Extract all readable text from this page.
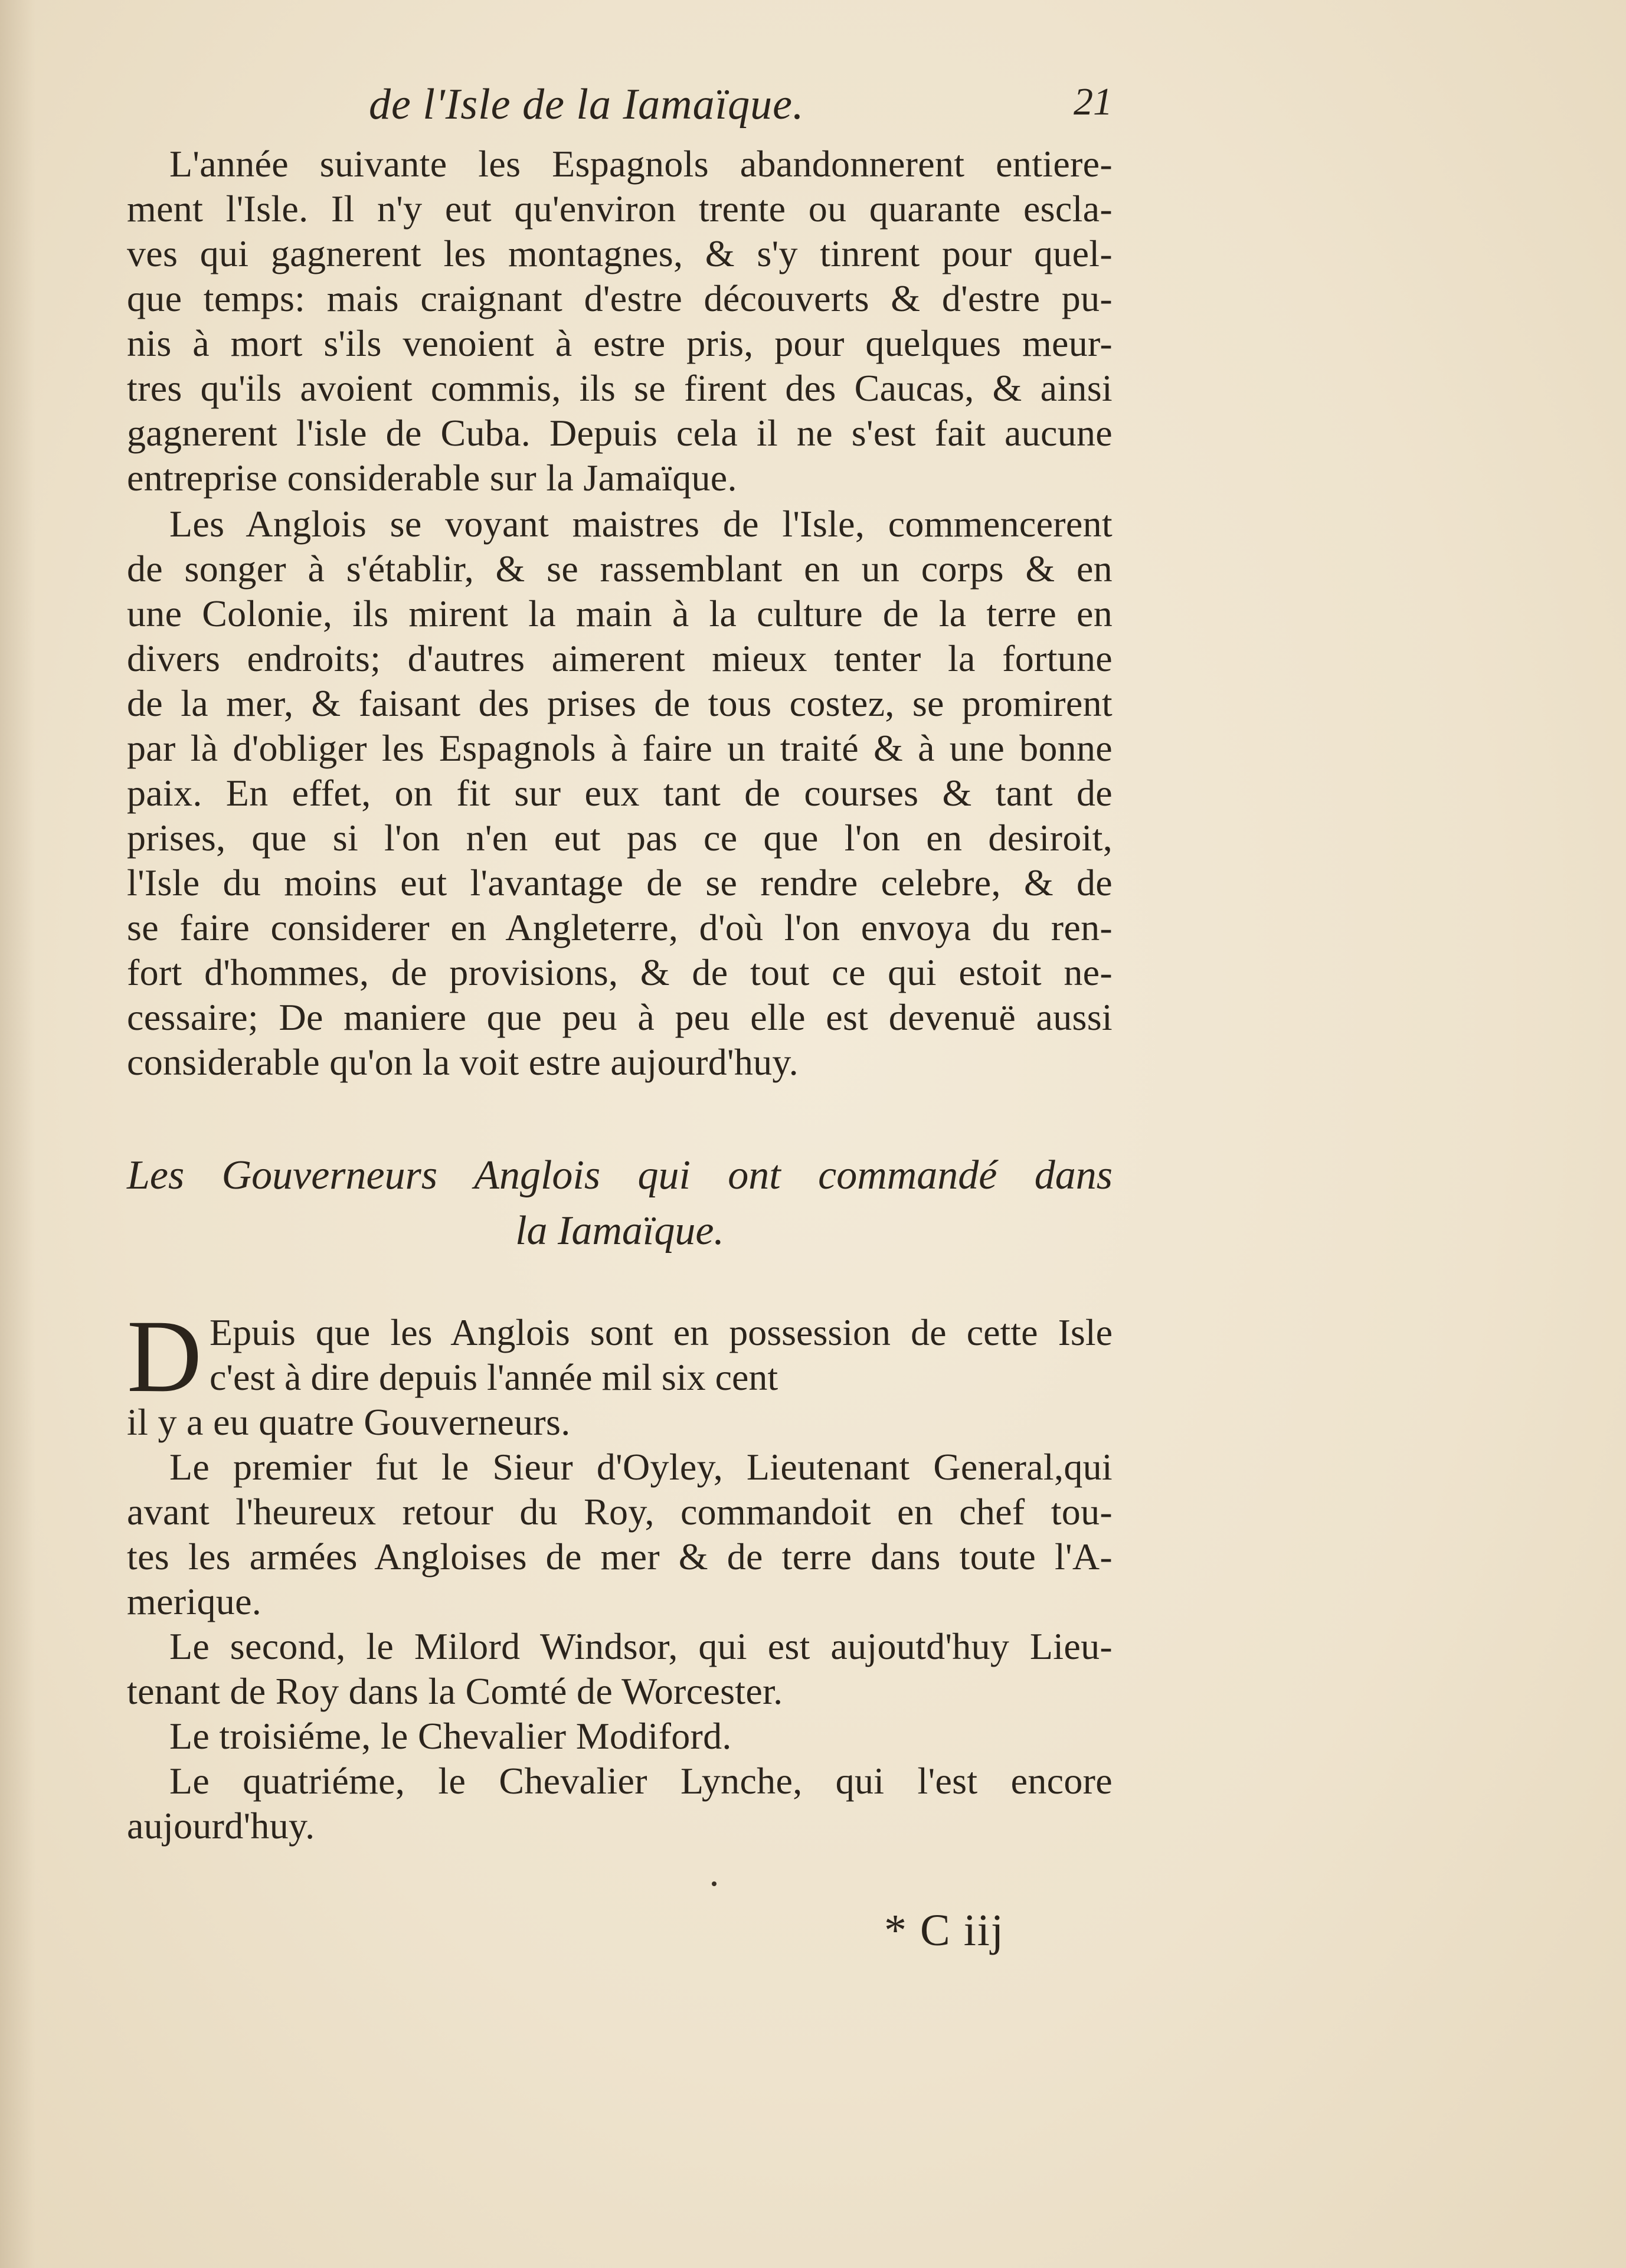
de l'Isle de la Iamaïque.	21
L'année suivante les Espagnols abandonnerent entiere-
ment l'Isle. Il n'y eut qu'environ trente ou quarante escla-
ves qui gagnerent les montagnes, & s'y tinrent pour quel-
que temps: mais craignant d'estre découverts & d'estre pu-
nis à mort s'ils venoient à estre pris, pour quelques meur-
tres qu'ils avoient commis, ils se firent des Caucas, & ainsi
gagnerent l'isle de Cuba. Depuis cela il ne s'est fait aucune
entreprise considerable sur la Jamaïque.
Les Anglois se voyant maistres de l'Isle, commencerent
de songer à s'établir, & se rassemblant en un corps & en
une Colonie, ils mirent la main à la culture de la terre en
divers endroits; d'autres aimerent mieux tenter la fortune
de la mer, & faisant des prises de tous costez, se promirent
par là d'obliger les Espagnols à faire un traité & à une bonne
paix. En effet, on fit sur eux tant de courses & tant de
prises, que si l'on n'en eut pas ce que l'on en desiroit,
l'Isle du moins eut l'avantage de se rendre celebre, & de
se faire considerer en Angleterre, d'où l'on envoya du ren-
fort d'hommes, de provisions, & de tout ce qui estoit ne-
cessaire; De maniere que peu à peu elle est devenuë aussi
considerable qu'on la voit estre aujourd'huy.
Les Gouverneurs Anglois qui ont commandé dans
la Iamaïque.
D Epuis que les Anglois sont en possession de cette Isle
c'est à dire depuis l'année mil six cent
il y a eu quatre Gouverneurs.
Le premier fut le Sieur d'Oyley, Lieutenant General,qui
avant l'heureux retour du Roy, commandoit en chef tou-
tes les armées Angloises de mer & de terre dans toute l'A-
merique.
Le second, le Milord Windsor, qui est aujoutd'huy Lieu-
tenant de Roy dans la Comté de Worcester.
Le troisiéme, le Chevalier Modiford.
Le quatriéme, le Chevalier Lynche, qui l'est encore
aujourd'huy.
* C iij
